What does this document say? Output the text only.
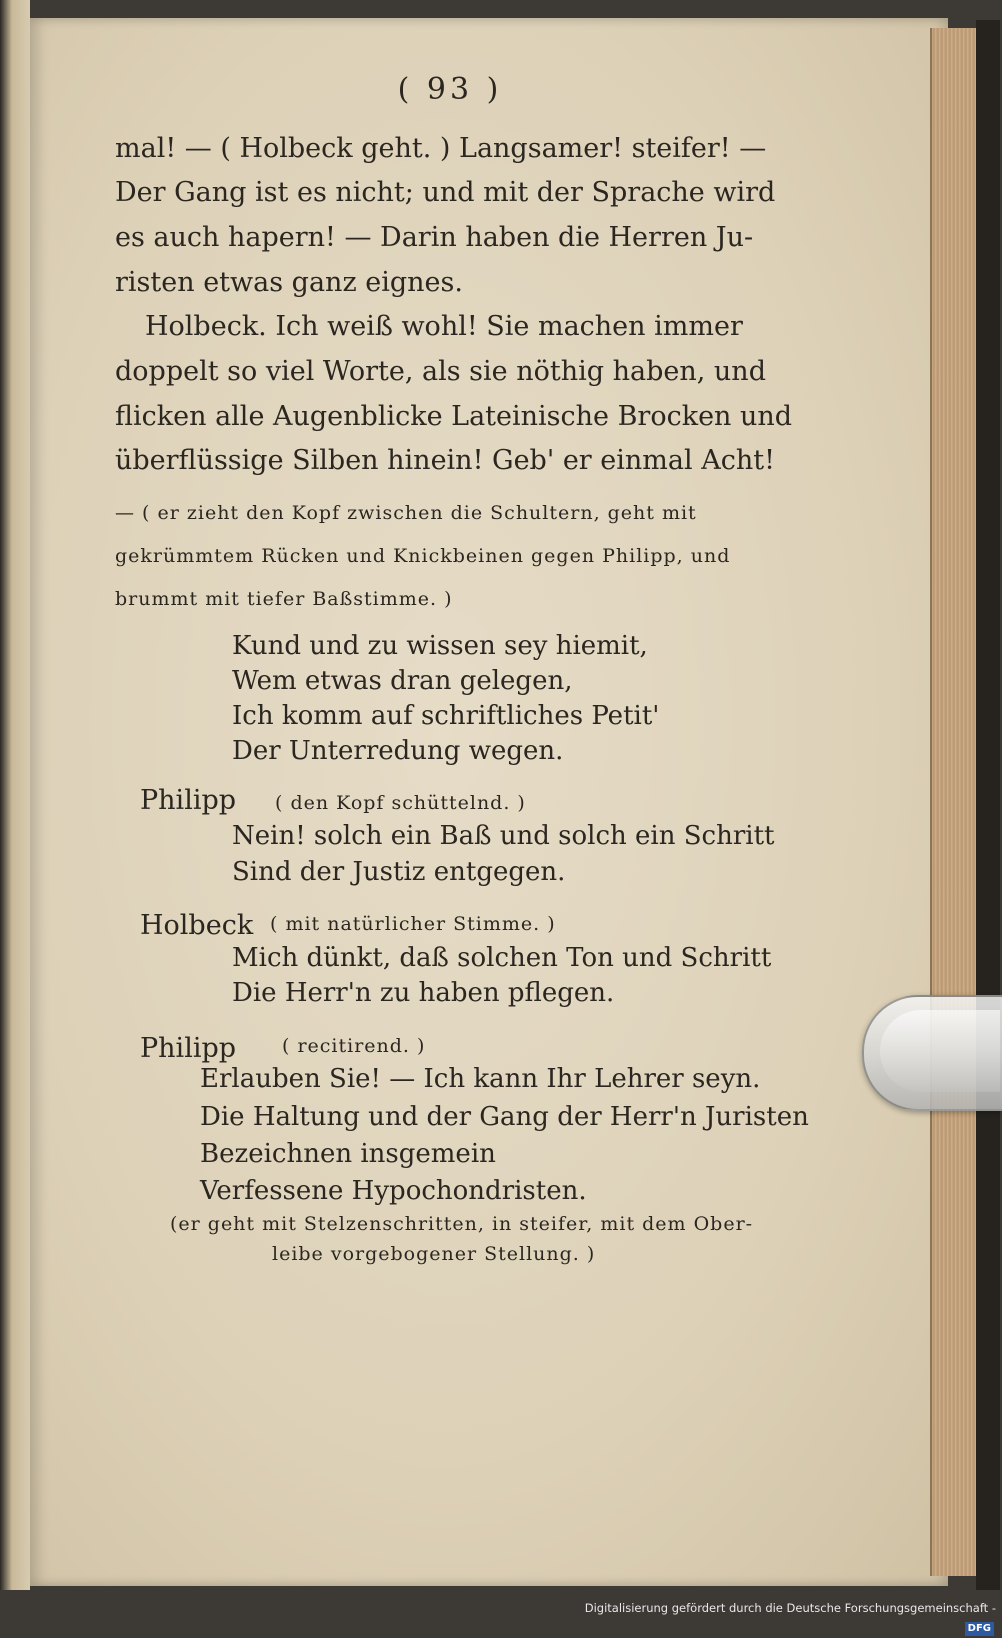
( 93 )
mal! — ( Holbeck geht. ) Langsamer! steifer! —
Der Gang ist es nicht; und mit der Sprache wird
es auch hapern! — Darin haben die Herren Ju-
risten etwas ganz eignes.
Holbeck. Ich weiß wohl! Sie machen immer
doppelt so viel Worte, als sie nöthig haben, und
flicken alle Augenblicke Lateinische Brocken und
überflüssige Silben hinein! Geb' er einmal Acht!
— ( er zieht den Kopf zwischen die Schultern, geht mit
gekrümmtem Rücken und Knickbeinen gegen Philipp, und
brummt mit tiefer Baßstimme. )
Kund und zu wissen sey hiemit,
Wem etwas dran gelegen,
Ich komm auf schriftliches Petit'
Der Unterredung wegen.
Philipp ( den Kopf schüttelnd. )
Nein! solch ein Baß und solch ein Schritt
Sind der Justiz entgegen.
Holbeck ( mit natürlicher Stimme. )
Mich dünkt, daß solchen Ton und Schritt
Die Herr'n zu haben pflegen.
Philipp ( recitirend. )
Erlauben Sie! — Ich kann Ihr Lehrer seyn.
Die Haltung und der Gang der Herr'n Juristen
Bezeichnen insgemein
Verfessene Hypochondristen.
(er geht mit Stelzenschritten, in steifer, mit dem Ober-
leibe vorgebogener Stellung. )
Digitalisierung gefördert durch die Deutsche Forschungsgemeinschaft -DFG
